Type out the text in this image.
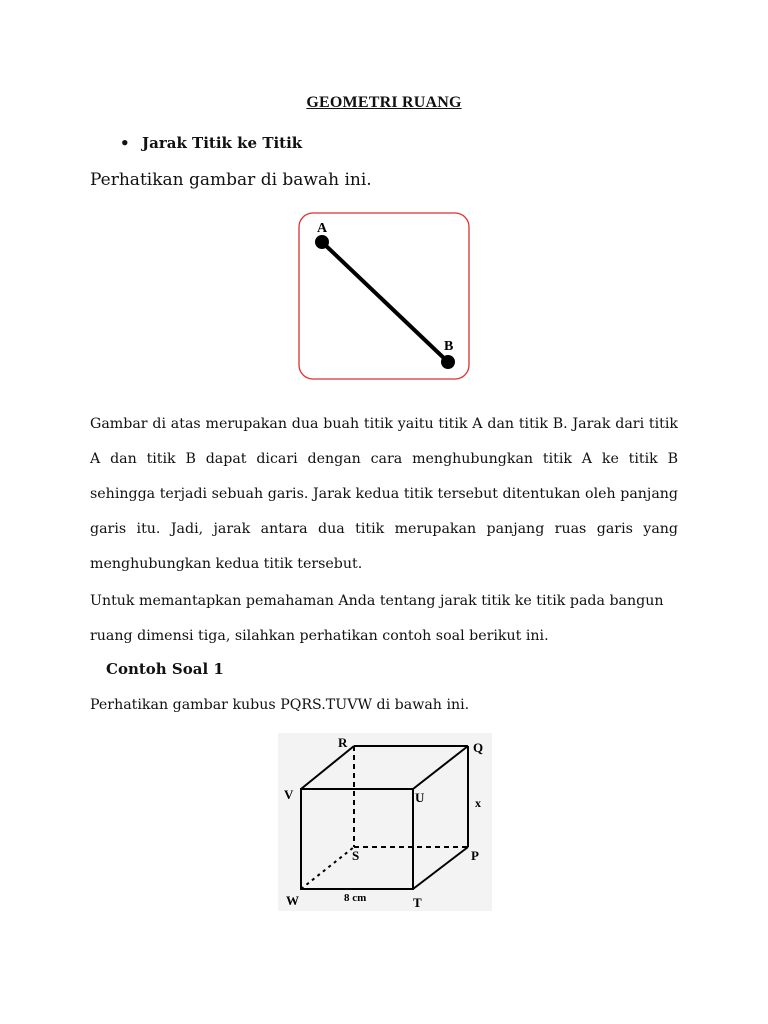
GEOMETRI RUANG
• Jarak Titik ke Titik
Perhatikan gambar di bawah ini.
A
B
Gambar di atas merupakan dua buah titik yaitu titik A dan titik B. Jarak dari titik A dan titik B dapat dicari dengan cara menghubungkan titik A ke titik B sehingga terjadi sebuah garis. Jarak kedua titik tersebut ditentukan oleh panjang garis itu. Jadi, jarak antara dua titik merupakan panjang ruas garis yang menghubungkan kedua titik tersebut.
Untuk memantapkan pemahaman Anda tentang jarak titik ke titik pada bangun ruang dimensi tiga, silahkan perhatikan contoh soal berikut ini.
Contoh Soal 1
Perhatikan gambar kubus PQRS.TUVW di bawah ini.
R	Q
V	U	x
S	P
W	8 cm	T
